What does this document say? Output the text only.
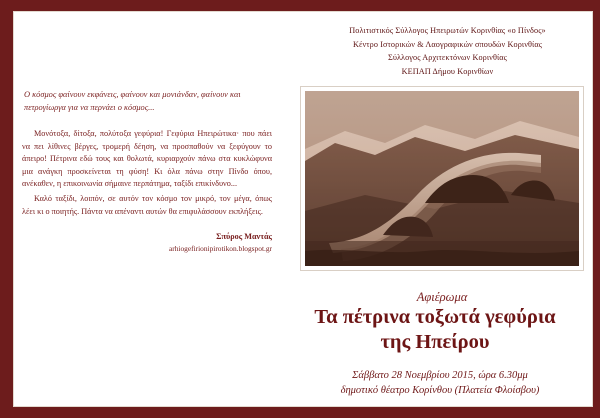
Πολιτιστικός Σύλλογος Ηπειρωτών Κορινθίας «ο Πίνδος»
Κέντρο Ιστορικών & Λαογραφικών σπουδών Κορινθίας
Σύλλογος Αρχιτεκτόνων Κορινθίας
ΚΕΠΑΠ Δήμου Κορινθίων
Ο κόσμος φαίνουν εκφάνεις, φαίνουν και μονιάνδαν, φαίνουν και πετρογίωργα για να περνάει ο κόσμος...

Μονότοξα, δίτοξα, πολύτοξα γεφύρια! Γεφύρια Ηπειρώτικα· που πάει να πει λίθινες βέργες, τρομερή δέηση, να προσπαθούν να ξεφύγουν το άπειρο! Πέτρινα εδώ τους και θολωτά, κυριαρχούν πάνω στα κυκλώφυνα μια ανάγκη προσκείνεται τη φύση! Κι όλα πάνω στην Πίνδο όπου, ανέκαθεν, η επικοινωνία σήμαινε περπάτημα, ταξίδι επικίνδυνο...

Καλό ταξίδι, λοιπόν, σε αυτόν τον κόσμο τον μικρό, τον μέγα, όπως λέει κι ο ποιητής. Πάντα να απέναντι αυτών θα επιφυλάσσουν εκπλήξεις.

Σπύρος Μαντάς
arhiogefirionipirotikon.blogspot.gr
Αφιέρωμα
Τα πέτρινα τοξωτά γεφύρια
της Ηπείρου
Σάββατο 28 Νοεμβρίου 2015, ώρα 6.30μμ
δημοτικό θέατρο Κορίνθου (Πλατεία Φλοίσβου)
